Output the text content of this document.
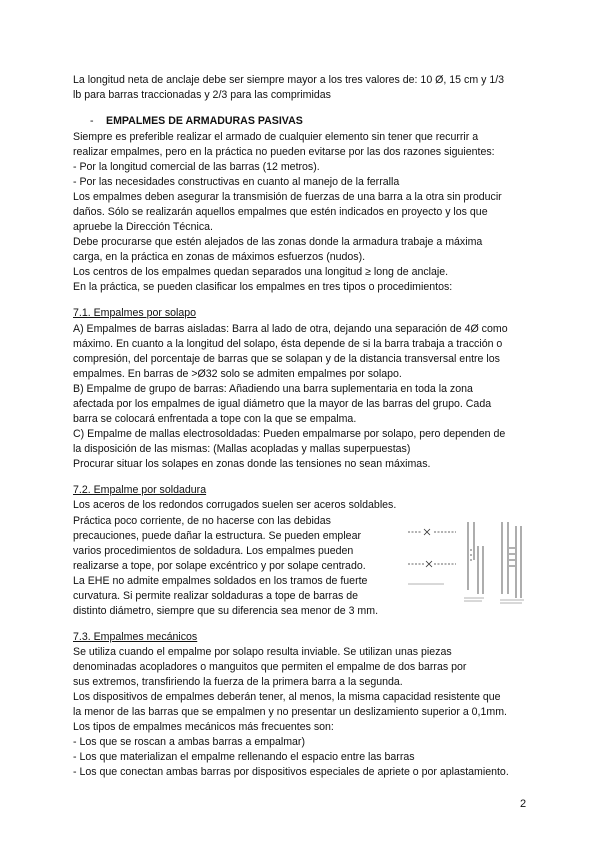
La longitud neta de anclaje debe ser siempre mayor a los tres valores de: 10 Ø, 15 cm y 1/3
lb para barras traccionadas y 2/3 para las comprimidas
- EMPALMES DE ARMADURAS PASIVAS
Siempre es preferible realizar el armado de cualquier elemento sin tener que recurrir a
realizar empalmes, pero en la práctica no pueden evitarse por las dos razones siguientes:
- Por la longitud comercial de las barras (12 metros).
- Por las necesidades constructivas en cuanto al manejo de la ferralla
Los empalmes deben asegurar la transmisión de fuerzas de una barra a la otra sin producir
daños. Sólo se realizarán aquellos empalmes que estén indicados en proyecto y los que
apruebe la Dirección Técnica.
Debe procurarse que estén alejados de las zonas donde la armadura trabaje a máxima
carga, en la práctica en zonas de máximos esfuerzos (nudos).
Los centros de los empalmes quedan separados una longitud ≥ long de anclaje.
En la práctica, se pueden clasificar los empalmes en tres tipos o procedimientos:
7.1. Empalmes por solapo
A) Empalmes de barras aisladas: Barra al lado de otra, dejando una separación de 4Ø como
máximo. En cuanto a la longitud del solapo, ésta depende de si la barra trabaja a tracción o
compresión, del porcentaje de barras que se solapan y de la distancia transversal entre los
empalmes. En barras de >Ø32 solo se admiten empalmes por solapo.
B) Empalme de grupo de barras: Añadiendo una barra suplementaria en toda la zona
afectada por los empalmes de igual diámetro que la mayor de las barras del grupo. Cada
barra se colocará enfrentada a tope con la que se empalma.
C) Empalme de mallas electrosoldadas: Pueden empalmarse por solapo, pero dependen de
la disposición de las mismas: (Mallas acopladas y mallas superpuestas)
Procurar situar los solapes en zonas donde las tensiones no sean máximas.
7.2. Empalme por soldadura
Los aceros de los redondos corrugados suelen ser aceros soldables.
Práctica poco corriente, de no hacerse con las debidas
precauciones, puede dañar la estructura. Se pueden emplear
varios procedimientos de soldadura. Los empalmes pueden
realizarse a tope, por solape excéntrico y por solape centrado.
La EHE no admite empalmes soldados en los tramos de fuerte
curvatura. Si permite realizar soldaduras a tope de barras de
distinto diámetro, siempre que su diferencia sea menor de 3 mm.
7.3. Empalmes mecánicos
Se utiliza cuando el empalme por solapo resulta inviable. Se utilizan unas piezas
denominadas acopladores o manguitos que permiten el empalme de dos barras por
sus extremos, transfiriendo la fuerza de la primera barra a la segunda.
Los dispositivos de empalmes deberán tener, al menos, la misma capacidad resistente que
la menor de las barras que se empalmen y no presentar un deslizamiento superior a 0,1mm.
Los tipos de empalmes mecánicos más frecuentes son:
- Los que se roscan a ambas barras a empalmar)
- Los que materializan el empalme rellenando el espacio entre las barras
- Los que conectan ambas barras por dispositivos especiales de apriete o por aplastamiento.
2
